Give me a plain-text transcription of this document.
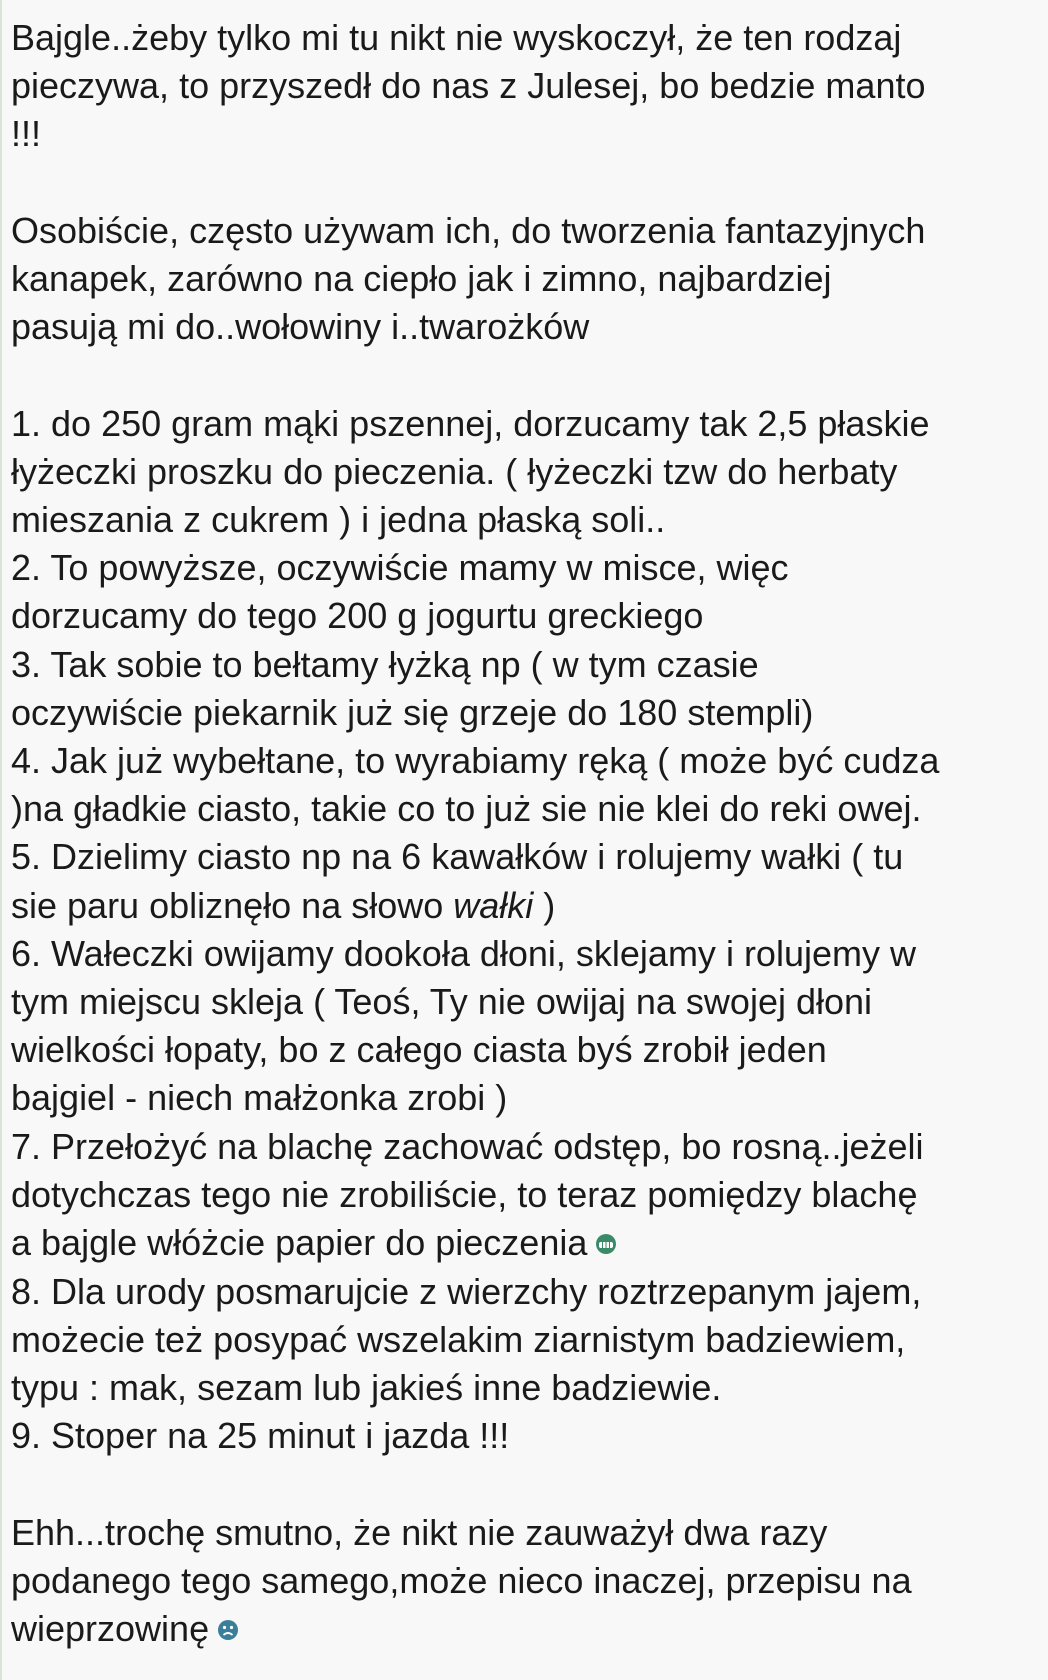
Bajgle..żeby tylko mi tu nikt nie wyskoczył, że ten rodzaj

pieczywa, to przyszedł do nas z Julesej, bo bedzie manto

!!!

Osobiście, często używam ich, do tworzenia fantazyjnych

kanapek, zarówno na ciepło jak i zimno, najbardziej

pasują mi do..wołowiny i..twarożków

1. do 250 gram mąki pszennej, dorzucamy tak 2,5 płaskie

łyżeczki proszku do pieczenia. ( łyżeczki tzw do herbaty

mieszania z cukrem ) i jedna płaską soli..

2. To powyższe, oczywiście mamy w misce, więc

dorzucamy do tego 200 g jogurtu greckiego

3. Tak sobie to bełtamy łyżką np ( w tym czasie

oczywiście piekarnik już się grzeje do 180 stempli)

4. Jak już wybełtane, to wyrabiamy ręką ( może być cudza

)na gładkie ciasto, takie co to już sie nie klei do reki owej.

5. Dzielimy ciasto np na 6 kawałków i rolujemy wałki ( tu

sie paru obliznęło na słowo wałki )

6. Wałeczki owijamy dookoła dłoni, sklejamy i rolujemy w

tym miejscu skleja ( Teoś, Ty nie owijaj na swojej dłoni

wielkości łopaty, bo z całego ciasta byś zrobił jeden

bajgiel - niech małżonka zrobi )

7. Przełożyć na blachę zachować odstęp, bo rosną..jeżeli

dotychczas tego nie zrobiliście, to teraz pomiędzy blachę

a bajgle włóżcie papier do pieczenia

8. Dla urody posmarujcie z wierzchy roztrzepanym jajem,

możecie też posypać wszelakim ziarnistym badziewiem,

typu : mak, sezam lub jakieś inne badziewie.

9. Stoper na 25 minut i jazda !!!

Ehh...trochę smutno, że nikt nie zauważył dwa razy

podanego tego samego,może nieco inaczej, przepisu na

wieprzowinę
